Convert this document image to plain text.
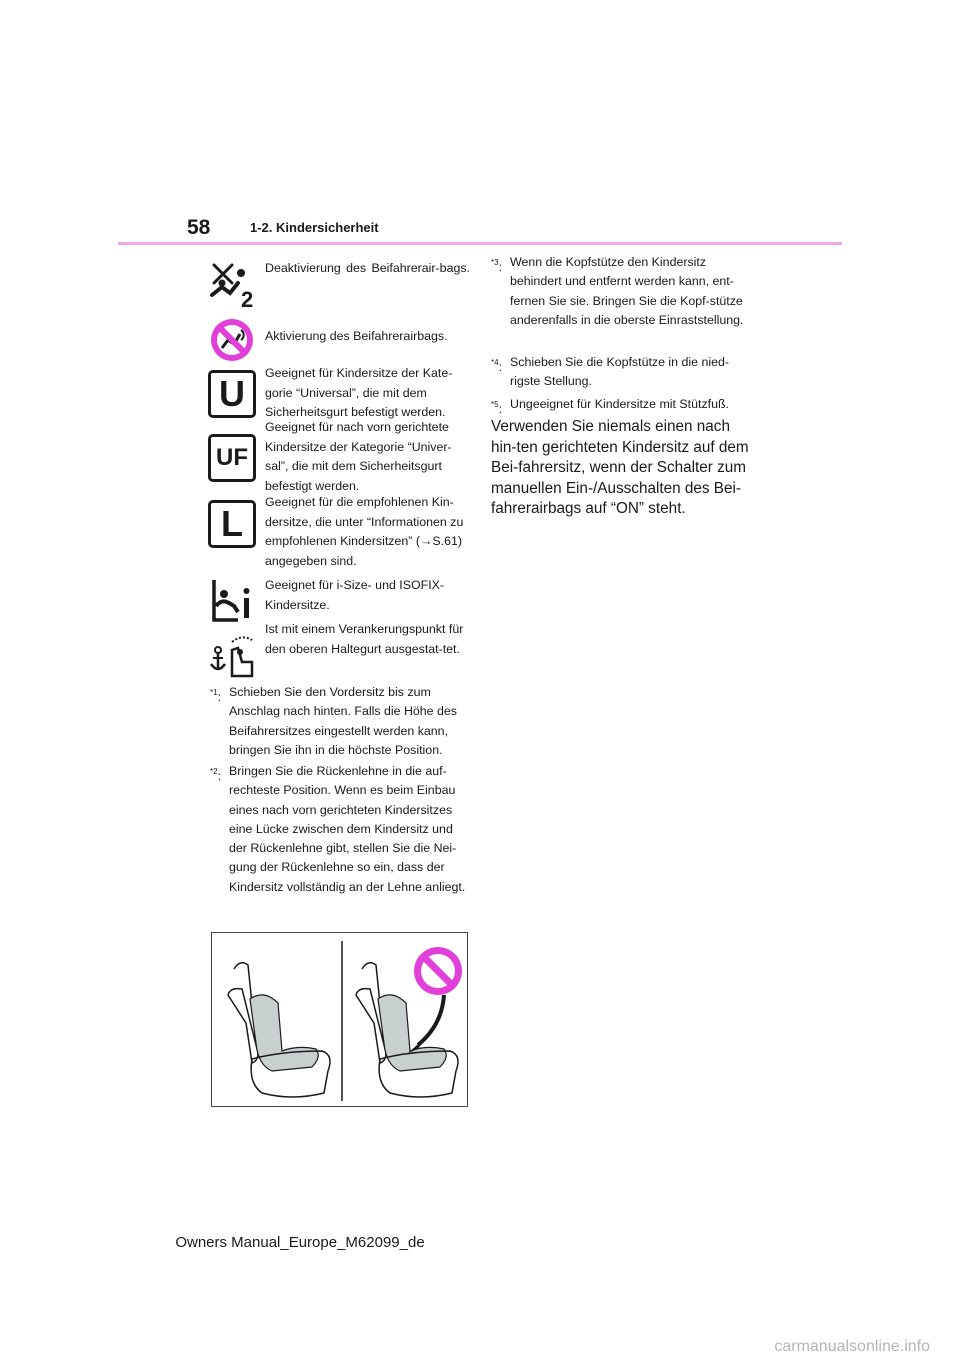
58	1-2. Kindersicherheit
2
Deaktivierung des Beifahrerair-bags.
Aktivierung des Beifahrerairbags.
U	Geeignet für Kindersitze der Kate-gorie “Universal”, die mit dem Sicherheitsgurt befestigt werden.
UF
Geeignet für nach vorn gerichtete Kindersitze der Kategorie “Univer-sal”, die mit dem Sicherheitsgurt befestigt werden.
L
Geeignet für die empfohlenen Kin-dersitze, die unter “Informationen zu empfohlenen Kindersitzen” (→S.61) angegeben sind.
Geeignet für i-Size- und ISOFIX-Kindersitze.
Ist mit einem Verankerungspunkt für den oberen Haltegurt ausgestat-tet.
$^{*1}$: Schieben Sie den Vordersitz bis zum Anschlag nach hinten. Falls die Höhe des Beifahrersitzes eingestellt werden kann, bringen Sie ihn in die höchste Position.
$^{*2}$: Bringen Sie die Rückenlehne in die auf-rechteste Position. Wenn es beim Einbau eines nach vorn gerichteten Kindersitzes eine Lücke zwischen dem Kindersitz und der Rückenlehne gibt, stellen Sie die Nei-gung der Rückenlehne so ein, dass der Kindersitz vollständig an der Lehne anliegt.
$^{*3}$: Wenn die Kopfstütze den Kindersitz behindert und entfernt werden kann, ent-fernen Sie sie. Bringen Sie die Kopf-stütze anderenfalls in die oberste Einraststellung.
$^{*4}$: Schieben Sie die Kopfstütze in die nied-rigste Stellung.
$^{*5}$: Ungeeignet für Kindersitze mit Stützfuß.
Verwenden Sie niemals einen nach hin-ten gerichteten Kindersitz auf dem Bei-fahrersitz, wenn der Schalter zum manuellen Ein-/Ausschalten des Bei-fahrerairbags auf “ON” steht.
Owners Manual_Europe_M62099_de
carmanualsonline.info
